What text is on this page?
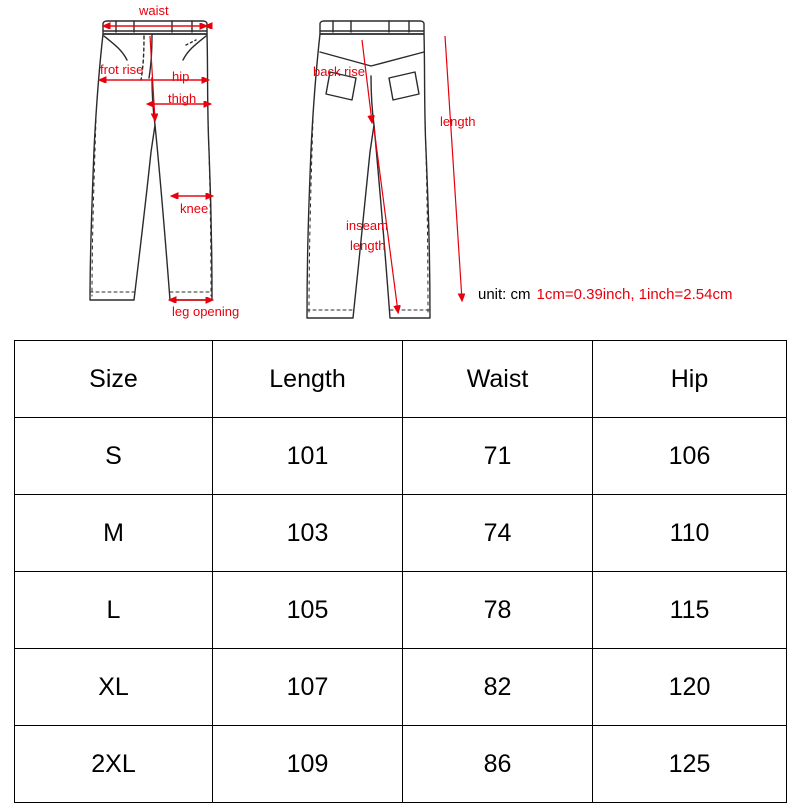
waist
frot rise hip
thigh
knee
leg opening
back rise
length
inseam
length
unit: cm 1cm=0.39inch, 1inch=2.54cm
Size	Length	Waist	Hip
S	101	71	106
M	103	74	110
L	105	78	115
XL	107	82	120
2XL	109	86	125
